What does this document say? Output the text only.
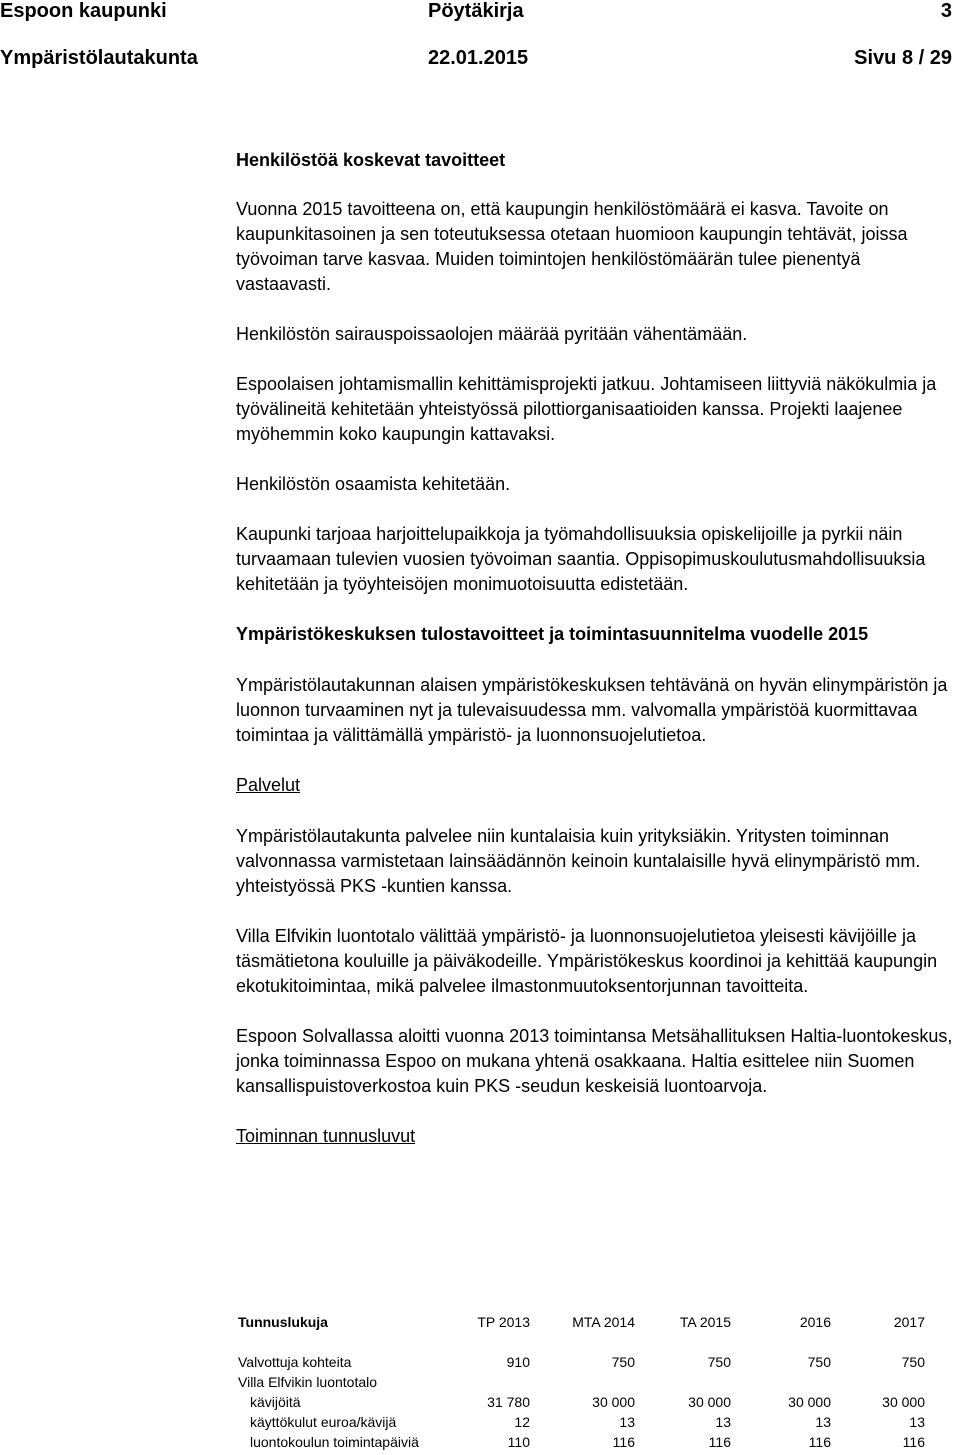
Espoon kaupunki	Pöytäkirja	3
Ympäristölautakunta	22.01.2015	Sivu 8 / 29

Henkilöstöä koskevat tavoitteet

Vuonna 2015 tavoitteena on, että kaupungin henkilöstömäärä ei kasva. Tavoite on kaupunkitasoinen ja sen toteutuksessa otetaan huomioon kaupungin tehtävät, joissa työvoiman tarve kasvaa. Muiden toimintojen henkilöstömäärän tulee pienentyä vastaavasti.

Henkilöstön sairauspoissaolojen määrää pyritään vähentämään.

Espoolaisen johtamismallin kehittämisprojekti jatkuu. Johtamiseen liittyviä näkökulmia ja työvälineitä kehitetään yhteistyössä pilottiorganisaatioiden kanssa. Projekti laajenee myöhemmin koko kaupungin kattavaksi.

Henkilöstön osaamista kehitetään.

Kaupunki tarjoaa harjoittelupaikkoja ja työmahdollisuuksia opiskelijoille ja pyrkii näin turvaamaan tulevien vuosien työvoiman saantia. Oppisopimuskoulutusmahdollisuuksia kehitetään ja työyhteisöjen monimuotoisuutta edistetään.

Ympäristökeskuksen tulostavoitteet ja toimintasuunnitelma vuodelle 2015

Ympäristölautakunnan alaisen ympäristökeskuksen tehtävänä on hyvän elinympäristön ja luonnon turvaaminen nyt ja tulevaisuudessa mm. valvomalla ympäristöä kuormittavaa toimintaa ja välittämällä ympäristö- ja luonnonsuojelutietoa.

Palvelut

Ympäristölautakunta palvelee niin kuntalaisia kuin yrityksiäkin. Yritysten toiminnan valvonnassa varmistetaan lainsäädännön keinoin kuntalaisille hyvä elinympäristö mm. yhteistyössä PKS -kuntien kanssa.

Villa Elfvikin luontotalo välittää ympäristö- ja luonnonsuojelutietoa yleisesti kävijöille ja täsmätietona kouluille ja päiväkodeille. Ympäristökeskus koordinoi ja kehittää kaupungin ekotukitoimintaa, mikä palvelee ilmastonmuutoksentorjunnan tavoitteita.

Espoon Solvallassa aloitti vuonna 2013 toimintansa Metsähallituksen Haltia-luontokeskus, jonka toiminnassa Espoo on mukana yhtenä osakkaana. Haltia esittelee niin Suomen kansallispuistoverkostoa kuin PKS -seudun keskeisiä luontoarvoja.

Toiminnan tunnusluvut

Tunnuslukuja	TP 2013	MTA 2014	TA 2015	2016	2017

Valvottuja kohteita	910	750	750	750	750
Villa Elfvikin luontotalo					
kävijöitä	31 780	30 000	30 000	30 000	30 000
käyttökulut euroa/kävijä	12	13	13	13	13
luontokoulun toimintapäiviä	110	116	116	116	116
